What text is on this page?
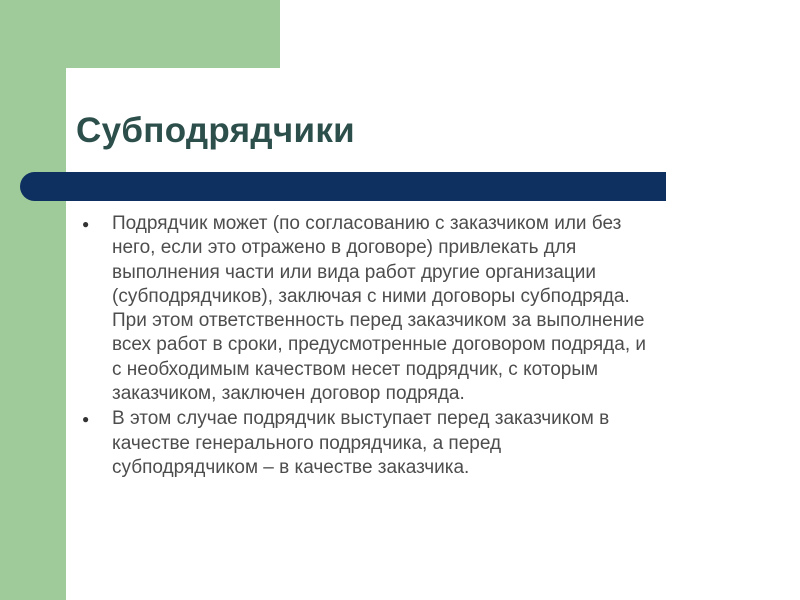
Субподрядчики
● Подрядчик может (по согласованию с заказчиком или без
него, если это отражено в договоре) привлекать для
выполнения части или вида работ другие организации
(субподрядчиков), заключая с ними договоры субподряда.
При этом ответственность перед заказчиком за выполнение
всех работ в сроки, предусмотренные договором подряда, и
с необходимым качеством несет подрядчик, с которым
заказчиком, заключен договор подряда.
● В этом случае подрядчик выступает перед заказчиком в
качестве генерального подрядчика, а перед
субподрядчиком – в качестве заказчика.
